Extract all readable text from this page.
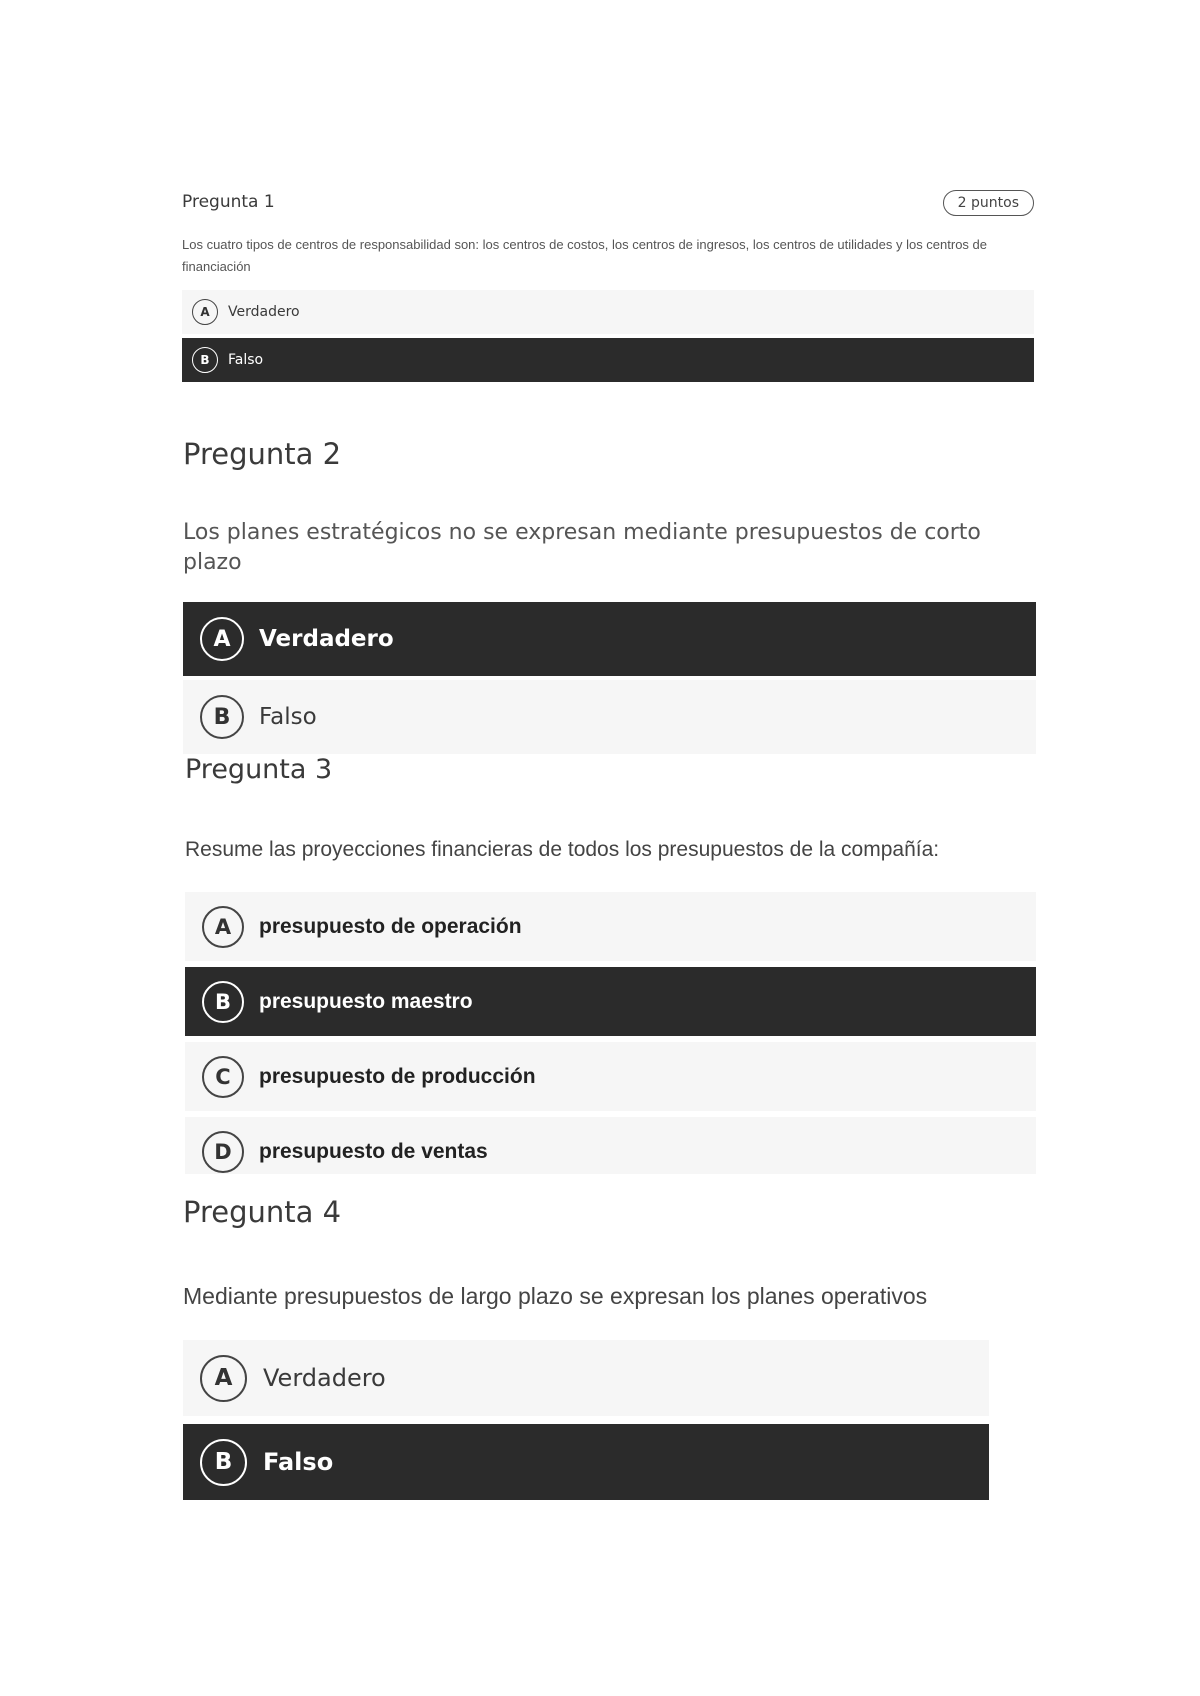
Pregunta 1	2 puntos

Los cuatro tipos de centros de responsabilidad son: los centros de costos, los centros de ingresos, los centros de utilidades y los centros de financiación

A	Verdadero
B	Falso
Pregunta 2

Los planes estratégicos no se expresan mediante presupuestos de corto plazo

A	Verdadero
B	Falso
Pregunta 3

Resume las proyecciones financieras de todos los presupuestos de la compañía:

A	presupuesto de operación
B	presupuesto maestro
C	presupuesto de producción
D	presupuesto de ventas
Pregunta 4

Mediante presupuestos de largo plazo se expresan los planes operativos

A	Verdadero
B	Falso
